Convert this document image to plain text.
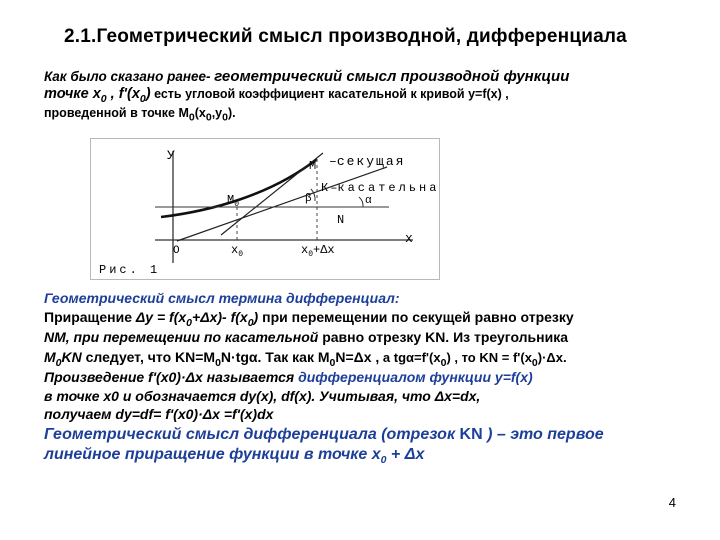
2.1.Геометрический смысл производной, дифференциала
Как было сказано ранее- геометрический смысл производной функции
точке $x_0$ , $f'(x_0)$ есть угловой коэффициент касательной к кривой у=f(x) ,
проведенной в точке $М_0(х_0,у_0)$.
У
М –секущая
К –касательная
$М_0$
N
β	α
О	$х_0$	$х_0+\Delta х$
х
Рис. 1
Геометрический смысл термина дифференциал:
Приращение $\Delta y = f(x_0+\Delta x)-$ $f(x_0)$ при перемещении по секущей равно отрезку
NM, при перемещении по касательной равно отрезку KN. Из треугольника
$M_0KN$ следует, что $KN=M_0N\cdot tg\alpha$. Так как $M_0N=\Delta x$ , а $tg\alpha=f'(x_0)$ , то KN = $f'(x_0)\cdot\Delta x$.
Произведение f'(x0)·Δx называется дифференциалом функции у=f(x)
в точке x0 и обозначается dy(x), df(x). Учитывая, что Δx=dx,
получаем dy=df= f'(x0)·Δx =f'(x)dx
Геометрический смысл дифференциала (отрезок KN ) – это первое
линейное приращение функции в точке $x_0 + \Delta x$
4
